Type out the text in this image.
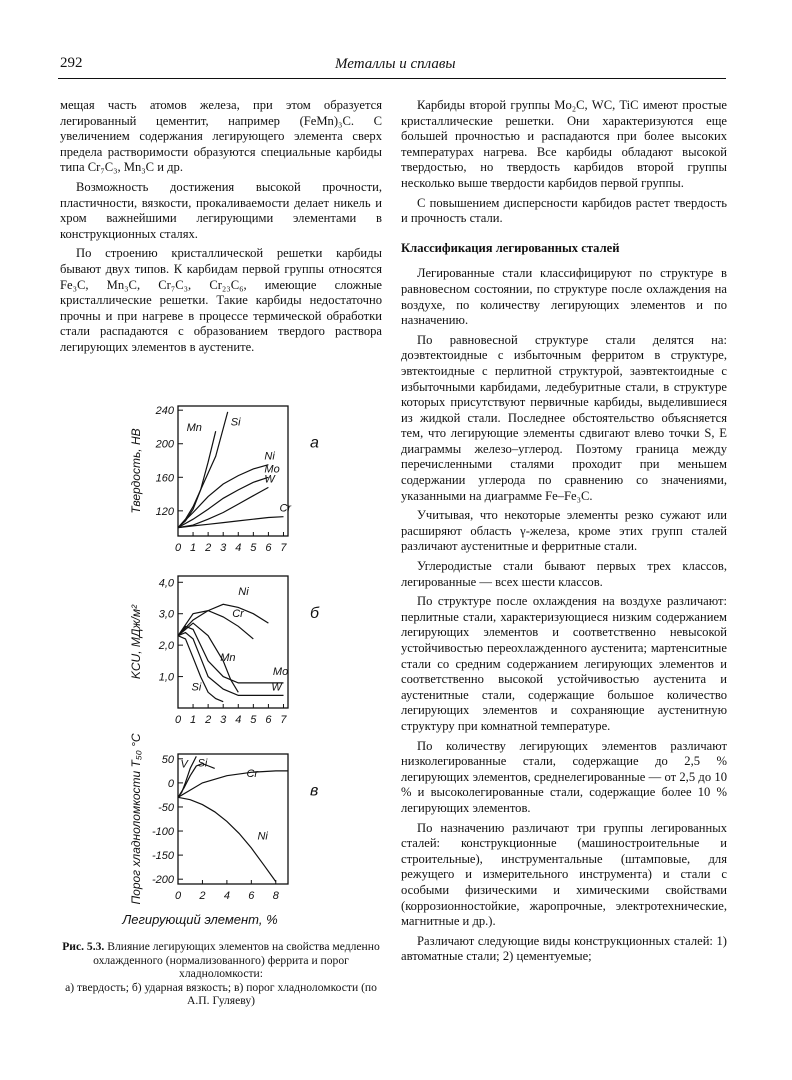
292	Металлы и сплавы

мещая часть атомов железа, при этом образуется легированный цементит, например (FeMn)₃C. С увеличением содержания легирующего элемента сверх предела растворимости образуются специальные карбиды типа Cr₇C₃, Mn₃C и др.

Возможность достижения высокой прочности, пластичности, вязкости, прокаливаемости делает никель и хром важнейшими легирующими элементами в конструкционных сталях.

По строению кристаллической решетки карбиды бывают двух типов. К карбидам первой группы относятся Fe₃C, Mn₃C, Cr₇C₃, Cr₂₃C₆, имеющие сложные кристаллические решетки. Такие карбиды недостаточно прочны и при нагреве в процессе термической обработки стали распадаются с образованием твердого раствора легирующих элементов в аустените.

Карбиды второй группы Mo₂C, WC, TiC имеют простые кристаллические решетки. Они характеризуются еще большей прочностью и распадаются при более высоких температурах нагрева. Все карбиды обладают высокой твердостью, но твердость карбидов второй группы несколько выше твердости карбидов первой группы.

С повышением дисперсности карбидов растет твердость и прочность стали.

Классификация легированных сталей

Легированные стали классифицируют по структуре в равновесном состоянии, по структуре после охлаждения на воздухе, по количеству легирующих элементов и по назначению.

По равновесной структуре стали делятся на: доэвтектоидные с избыточным ферритом в структуре, эвтектоидные с перлитной структурой, заэвтектоидные с избыточными карбидами, ледебуритные стали, в структуре которых присутствуют первичные карбиды, выделившиеся из жидкой стали. Последнее обстоятельство объясняется тем, что легирующие элементы сдвигают влево точки S, E диаграммы железо–углерод. Поэтому граница между перечисленными сталями проходит при меньшем содержании углерода по сравнению со значениями, указанными на диаграмме Fe–Fe₃C.

Учитывая, что некоторые элементы резко сужают или расширяют область γ-железа, кроме этих групп сталей различают аустенитные и ферритные стали.

Углеродистые стали бывают первых трех классов, легированные — всех шести классов.

По структуре после охлаждения на воздухе различают: перлитные стали, характеризующиеся низким содержанием легирующих элементов и соответственно невысокой устойчивостью переохлажденного аустенита; мартенситные стали со средним содержанием легирующих элементов и соответственно высокой устойчивостью аустенита и аустенитные стали, содержащие большое количество легирующих элементов и сохраняющие аустенитную структуру при комнатной температуре.

По количеству легирующих элементов различают низколегированные стали, содержащие до 2,5 % легирующих элементов, среднелегированные — от 2,5 до 10 % и высоколегированные стали, содержащие более 10 % легирующих элементов.

По назначению различают три группы легированных сталей: конструкционные (машиностроительные и строительные), инструментальные (штамповые, для режущего и измерительного инструмента) и стали с особыми физическими и химическими свойствами (коррозионностойкие, жаропрочные, электротехнические, магнитные и др.).

Различают следующие виды конструкционных сталей: 1) автоматные стали; 2) цементуемые;

Легирующий элемент, %
120
160
200
240
0 1 2 3 4 5 6 7
Твердость, HB	а
Mn	Si
Ni
Mo
W
Cr
1,0
2,0
3,0
4,0
0 1 2 3 4 5 6 7
KCU, МДж/м²	б
Ni
Cr
Mn
Mo
W
Si
-200
-150
-100
-50
0
50
0 2 4 6 8
Порог хладноломкости Т₅₀ °С	в
V Si
Cr
Ni
Рис. 5.3. Влияние легирующих элементов на свойства медленно охлажденного (нормализованного) феррита и порог хладноломкости:
а) твердость; б) ударная вязкость; в) порог хладноломкости (по А.П. Гуляеву)
